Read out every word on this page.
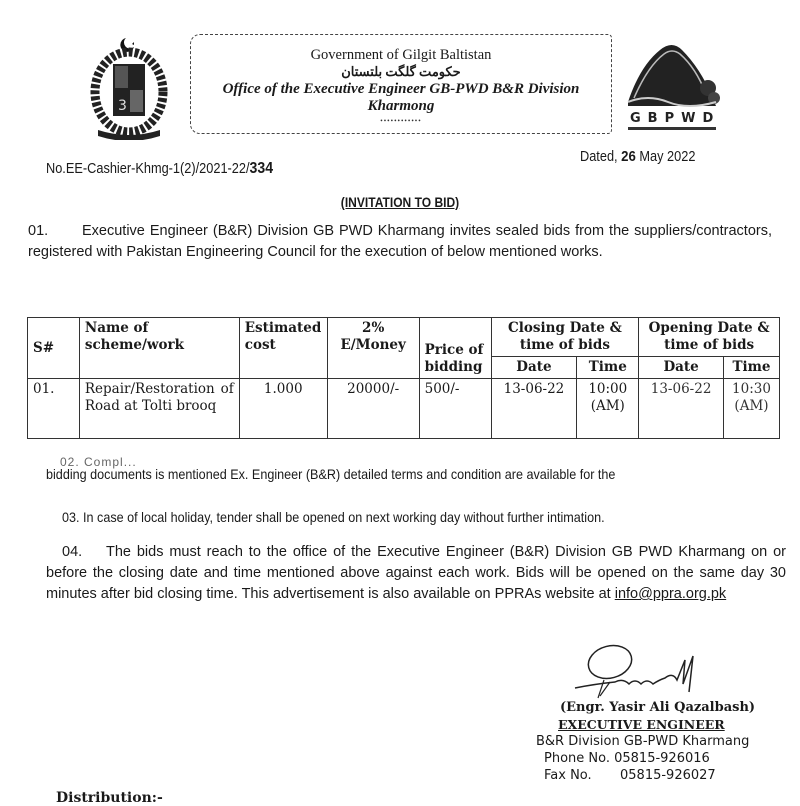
3
Government of Gilgit Baltistan
حکومت گلگت بلتستان
Office of the Executive Engineer GB-PWD B&R Division
Kharmong
••••••••••••	GBPWD
No.EE-Cashier-Khmg-1(2)/2021-22/334
Dated, 26 May 2022
(INVITATION TO BID)
01. Executive Engineer (B&R) Division GB PWD Kharmang invites sealed bids from the suppliers/contractors, registered with Pakistan Engineering Council for the execution of below mentioned works.
S#	Name of scheme/work	Estimated cost	2% E/Money	Price of bidding	Closing Date & time of bids		Opening Date & time of bids	
					Date	Time	Date	Time
01.	Repair/Restoration of Road at Tolti brooq	1.000	20000/-	500/-	13-06-22	10:00 (AM)	13-06-22	10:30 (AM)
02. Compl...
bidding documents is mentioned Ex. Engineer (B&R) detailed terms and condition are available for the
03. In case of local holiday, tender shall be opened on next working day without further intimation.
04. The bids must reach to the office of the Executive Engineer (B&R) Division GB PWD Kharmang on or before the closing date and time mentioned above against each work. Bids will be opened on the same day 30 minutes after bid closing time. This advertisement is also available on PPRAs website at info@ppra.org.pk
(Engr. Yasir Ali Qazalbash)
EXECUTIVE ENGINEER
B&R Division GB-PWD Kharmang
Phone No. 05815-926016
Fax No. 05815-926027
Distribution:-
